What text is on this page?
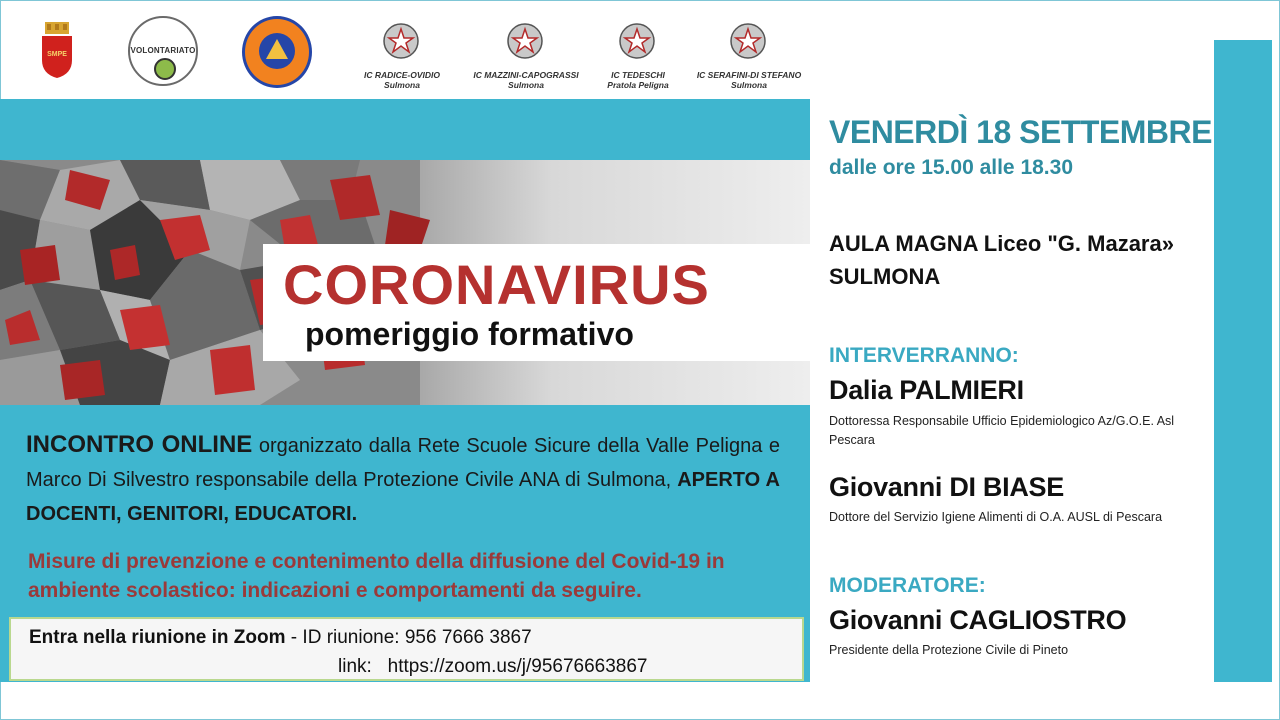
SMPE	VOLONTARIATO
IC RADICE-OVIDIO
Sulmona
IC MAZZINI-CAPOGRASSI
Sulmona
IC TEDESCHI
Pratola Peligna
IC SERAFINI-DI STEFANO
Sulmona
CORONAVIRUS
pomeriggio formativo
INCONTRO ONLINE organizzato dalla Rete Scuole Sicure della Valle Peligna e Marco Di Silvestro responsabile della Protezione Civile ANA di Sulmona, APERTO A DOCENTI, GENITORI, EDUCATORI.
Misure di prevenzione e contenimento della diffusione del Covid-19 in ambiente scolastico: indicazioni e comportamenti da seguire.
Entra nella riunione in Zoom - ID riunione: 956 7666 3867
link: https://zoom.us/j/95676663867
VENERDÌ 18 SETTEMBRE
dalle ore 15.00 alle 18.30
AULA MAGNA Liceo "G. Mazara»
SULMONA
INTERVERRANNO:
Dalia PALMIERI
Dottoressa Responsabile Ufficio Epidemiologico Az/G.O.E. Asl Pescara
Giovanni DI BIASE
Dottore del Servizio Igiene Alimenti di O.A. AUSL di Pescara
MODERATORE:
Giovanni CAGLIOSTRO
Presidente della Protezione Civile di Pineto
